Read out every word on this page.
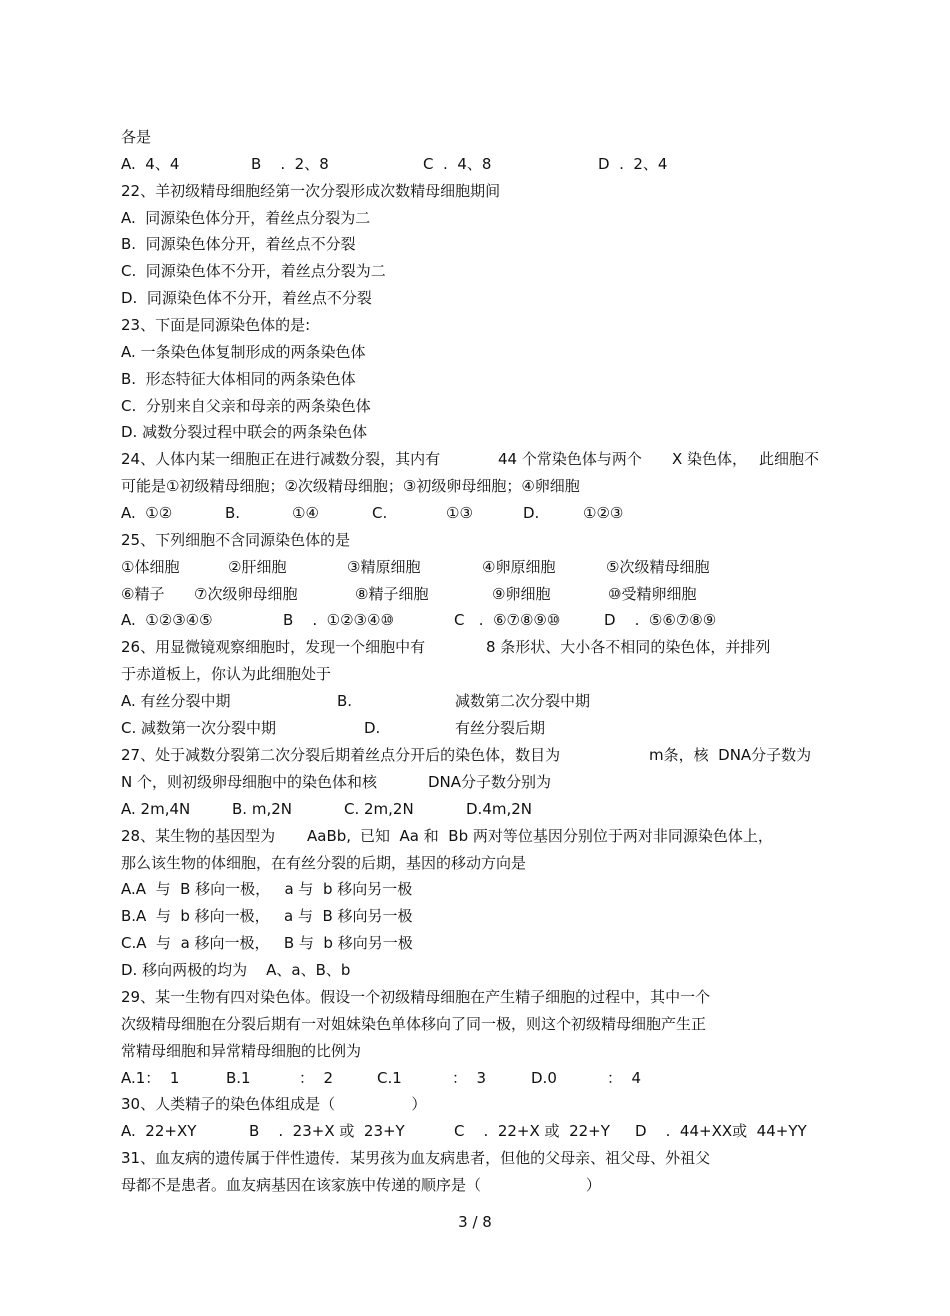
各是

A.  4、4

	B    .  2、8

	C  .  4、8

	D  .  2、4

22、羊初级精母细胞经第一次分裂形成次数精母细胞期间

A.  同源染色体分开，着丝点分裂为二

B.  同源染色体分开，着丝点不分裂

C.  同源染色体不分开，着丝点分裂为二

D.  同源染色体不分开，着丝点不分裂

23、下面是同源染色体的是:

A. 一条染色体复制形成的两条染色体

B.  形态特征大体相同的两条染色体

C.  分别来自父亲和母亲的两条染色体

D. 减数分裂过程中联会的两条染色体

24、人体内某一细胞正在进行减数分裂，其内有

	44 个常染色体与两个

X 染色体，

此细胞不

可能是①初级精母细胞；②次级精母细胞；③初级卵母细胞；④卵细胞

A.  ①②

	B.

	①④

	C.

	①③

	D.

	①②③

25、下列细胞不含同源染色体的是

①体细胞

	②肝细胞

	③精原细胞

	④卵原细胞

	⑤次级精母细胞

⑥精子

⑦次级卵母细胞

	⑧精子细胞

	⑨卵细胞

	⑩受精卵细胞

A.  ①②③④⑤

	B    .  ①②③④⑩

	C   .  ⑥⑦⑧⑨⑩

	D    .  ⑤⑥⑦⑧⑨

26、用显微镜观察细胞时，发现一个细胞中有

	8 条形状、大小各不相同的染色体，并排列

于赤道板上，你认为此细胞处于

A. 有丝分裂中期

	B.

	减数第二次分裂中期

C. 减数第一次分裂中期

	D.

	有丝分裂后期

27、处于减数分裂第二次分裂后期着丝点分开后的染色体，数目为

	m条，核  DNA分子数为

N 个，则初级卵母细胞中的染色体和核

	DNA分子数分别为

A. 2m,4N

	B. m,2N

	C. 2m,2N

	D.4m,2N

28、某生物的基因型为

AaBb,

已知  Aa 和  Bb 两对等位基因分别位于两对非同源染色体上，

那么该生物的体细胞，在有丝分裂的后期，基因的移动方向是

A.A  与  B 移向一极，   a 与  b 移向另一极

B.A  与  b 移向一极，   a 与  B 移向另一极

C.A  与  a 移向一极，   B 与  b 移向另一极

D. 移向两极的均为    A、a、B、b

29、某一生物有四对染色体。假设一个初级精母细胞在产生精子细胞的过程中，其中一个

次级精母细胞在分裂后期有一对姐妹染色单体移向了同一极，则这个初级精母细胞产生正

常精母细胞和异常精母细胞的比例为

A.1：  1

	B.1

	：  2

	C.1

	：  3

	D.0

	：  4

30、人类精子的染色体组成是（                ）

A.  22+XY

	B    .  23+X 或  23+Y

	C    .  22+X 或  22+Y

D    .  44+XX或  44+YY

31、血友病的遗传属于伴性遗传．某男孩为血友病患者，但他的父母亲、祖父母、外祖父

母都不是患者。血友病基因在该家族中传递的顺序是（                      ）

3 / 8
